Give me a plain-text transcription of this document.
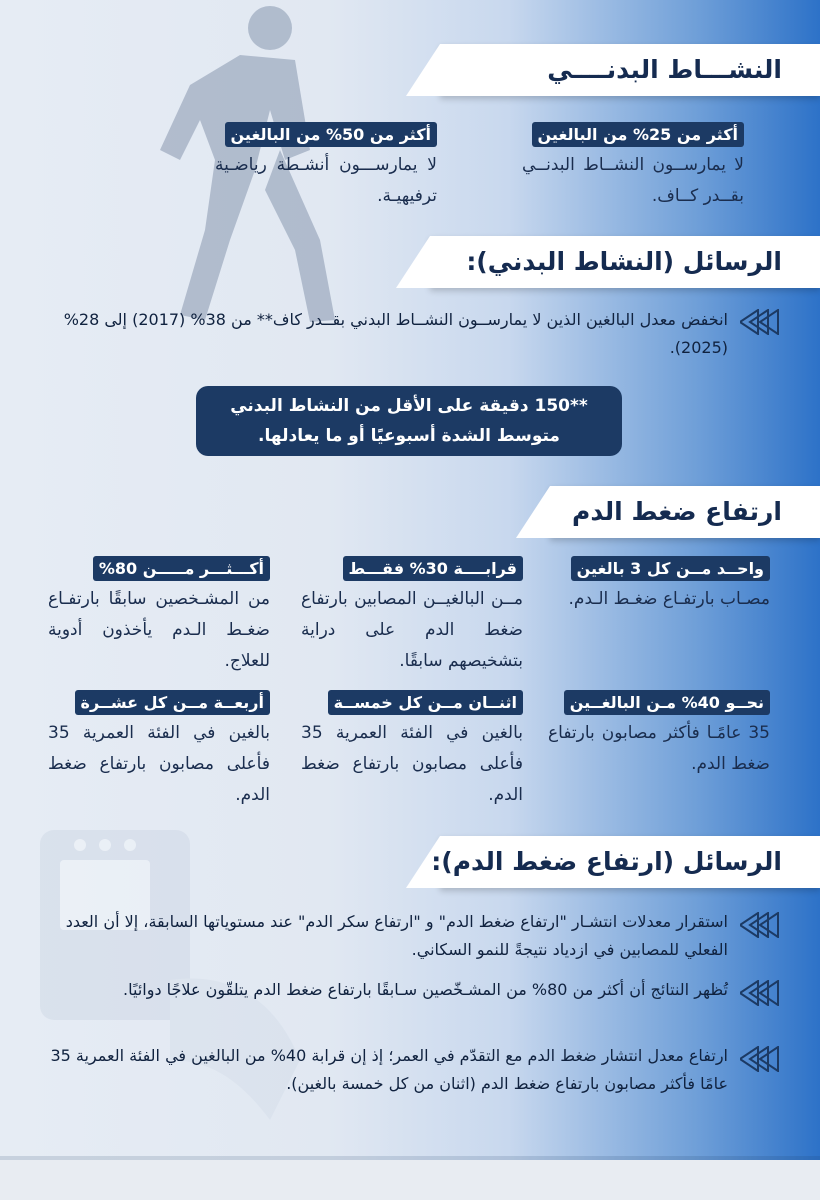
النشـــاط البدنــــي
أكثر من 25% من البالغين
لا يمارســون النشــاط البدنــي بقــدر كــاف.
أكثر من 50% من البالغين
لا يمارســـون أنشـطة رياضـية ترفيهيـة.
الرسائل (النشاط البدني):
انخفض معدل البالغين الذين لا يمارســون النشــاط البدني بقــدر كاف** من 38% (2017) إلى 28% (2025).
**150 دقيقة على الأقل من النشاط البدني متوسط الشدة أسبوعيًا أو ما يعادلها.
ارتفاع ضغط الدم
واحــد مــن كل 3 بالغين
مصـاب بارتفـاع ضغـط الـدم.
قرابــــة 30% فقـــط
مــن البالغيــن المصابين بارتفاع ضغط الدم على دراية بتشخيصهم سابقًا.
أكـــثـــر مـــــن 80%
من المشـخصين سابقًا بارتفـاع ضغـط الـدم يأخذون أدوية للعلاج.
نحــو 40% مـن البالغــين
35 عامًـا فأكثر مصابون بارتفاع ضغط الدم.
اثنــان مــن كل خمســة
بالغين في الفئة العمرية 35 فأعلى مصابون بارتفاع ضغط الدم.
أربعــة مــن كل عشــرة
بالغين في الفئة العمرية 35 فأعلى مصابون بارتفاع ضغط الدم.
الرسائل (ارتفاع ضغط الدم):
استقرار معدلات انتشـار "ارتفاع ضغط الدم" و "ارتفاع سكر الدم" عند مستوياتها السابقة، إلا أن العدد الفعلي للمصابين في ازدياد نتيجةً للنمو السكاني.
تُظهر النتائج أن أكثر من 80% من المشـخّصين سـابقًا بارتفاع ضغط الدم يتلقّون علاجًا دوائيًا.
ارتفاع معدل انتشار ضغط الدم مع التقدّم في العمر؛ إذ إن قرابة 40% من البالغين في الفئة العمرية 35 عامًا فأكثر مصابون بارتفاع ضغط الدم (اثنان من كل خمسة بالغين).
